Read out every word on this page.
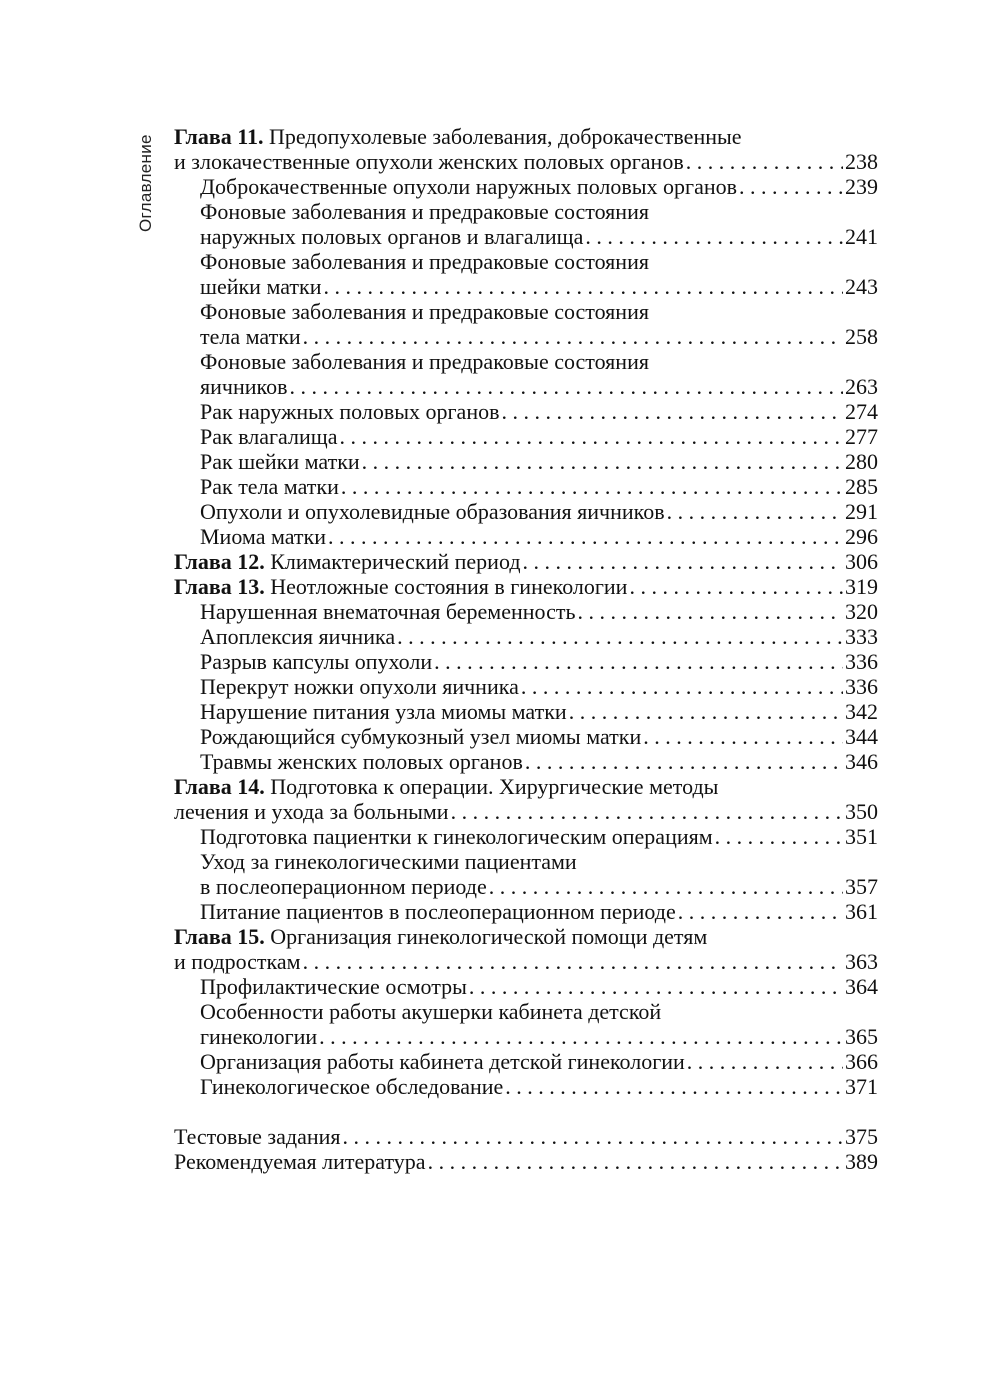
Оглавление Глава 11. Предопухолевые заболевания, доброкачественные
и злокачественные опухоли женских половых органов . . .	238
Доброкачественные опухоли наружных половых органов . . .	239
Фоновые заболевания и предраковые состояния
наружных половых органов и влагалища . . .	241
Фоновые заболевания и предраковые состояния
шейки матки . . .	243
Фоновые заболевания и предраковые состояния
тела матки . . .	258
Фоновые заболевания и предраковые состояния
яичников . . .	263
Рак наружных половых органов . . .	274
Рак влагалища . . .	277
Рак шейки матки . . .	280
Рак тела матки . . .	285
Опухоли и опухолевидные образования яичников . . .	291
Миома матки . . .	296
Глава 12. Климактерический период . . .	306
Глава 13. Неотложные состояния в гинекологии . . .	319
Нарушенная внематочная беременность . . .	320
Апоплексия яичника . . .	333
Разрыв капсулы опухоли . . .	336
Перекрут ножки опухоли яичника . . .	336
Нарушение питания узла миомы матки . . .	342
Рождающийся субмукозный узел миомы матки . . .	344
Травмы женских половых органов . . .	346
Глава 14. Подготовка к операции. Хирургические методы
лечения и ухода за больными . . .	350
Подготовка пациентки к гинекологическим операциям . . .	351
Уход за гинекологическими пациентами
в послеоперационном периоде . . .	357
Питание пациентов в послеоперационном периоде . . .	361
Глава 15. Организация гинекологической помощи детям
и подросткам . . .	363
Профилактические осмотры . . .	364
Особенности работы акушерки кабинета детской
гинекологии . . .	365
Организация работы кабинета детской гинекологии . . .	366
Гинекологическое обследование . . .	371
Тестовые задания . . .	375
Рекомендуемая литература . . .	389
